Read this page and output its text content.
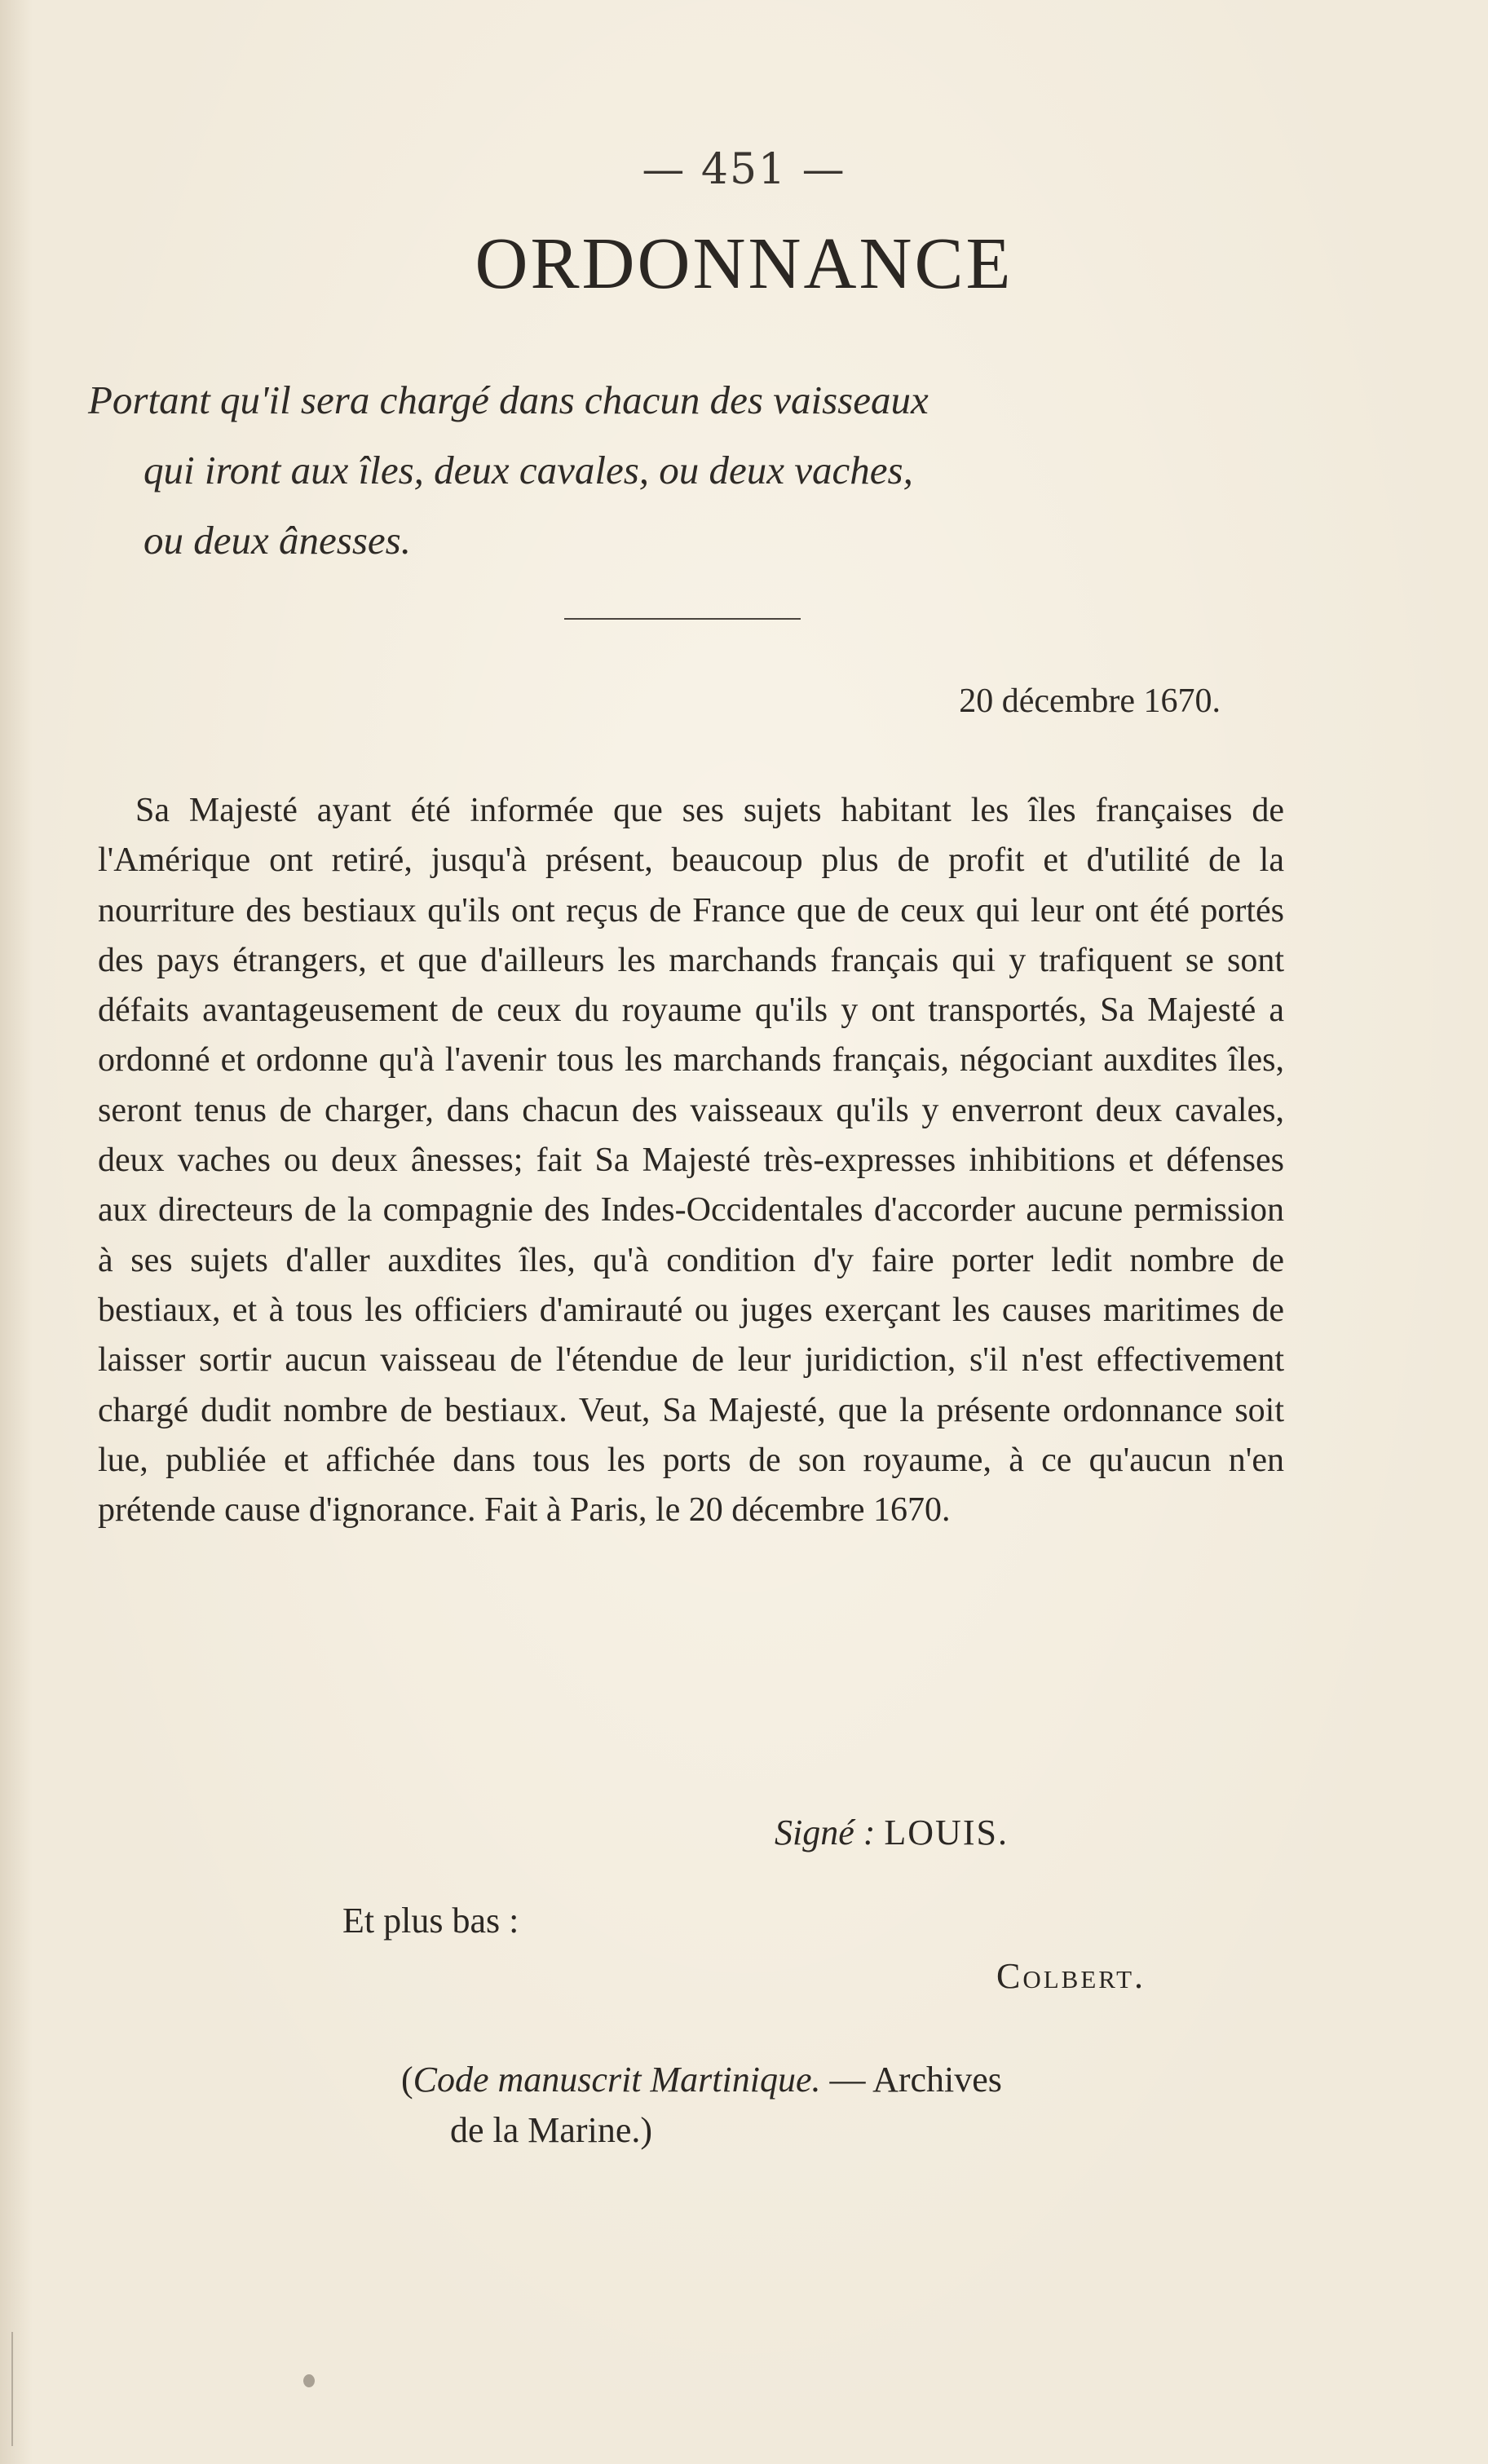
— 451 —
ORDONNANCE
Portant qu'il sera chargé dans chacun des vaisseaux
qui iront aux îles, deux cavales, ou deux vaches,
ou deux ânesses.
20 décembre 1670.
Sa Majesté ayant été informée que ses sujets habitant les îles françaises de l'Amérique ont retiré, jusqu'à présent, beaucoup plus de profit et d'utilité de la nourriture des bestiaux qu'ils ont reçus de France que de ceux qui leur ont été portés des pays étrangers, et que d'ailleurs les marchands français qui y trafiquent se sont défaits avantageusement de ceux du royaume qu'ils y ont transportés, Sa Majesté a ordonné et ordonne qu'à l'avenir tous les marchands français, négociant auxdites îles, seront tenus de charger, dans chacun des vaisseaux qu'ils y enverront deux cavales, deux vaches ou deux ânesses; fait Sa Majesté très-expresses inhibitions et défenses aux directeurs de la compagnie des Indes-Occidentales d'accorder aucune permission à ses sujets d'aller auxdites îles, qu'à condition d'y faire porter ledit nombre de bestiaux, et à tous les officiers d'amirauté ou juges exerçant les causes maritimes de laisser sortir aucun vaisseau de l'étendue de leur juridiction, s'il n'est effectivement chargé dudit nombre de bestiaux. Veut, Sa Majesté, que la présente ordonnance soit lue, publiée et affichée dans tous les ports de son royaume, à ce qu'aucun n'en prétende cause d'ignorance. Fait à Paris, le 20 décembre 1670.
Signé : LOUIS.
Et plus bas :
Colbert.
(Code manuscrit Martinique. — Archives
de la Marine.)
